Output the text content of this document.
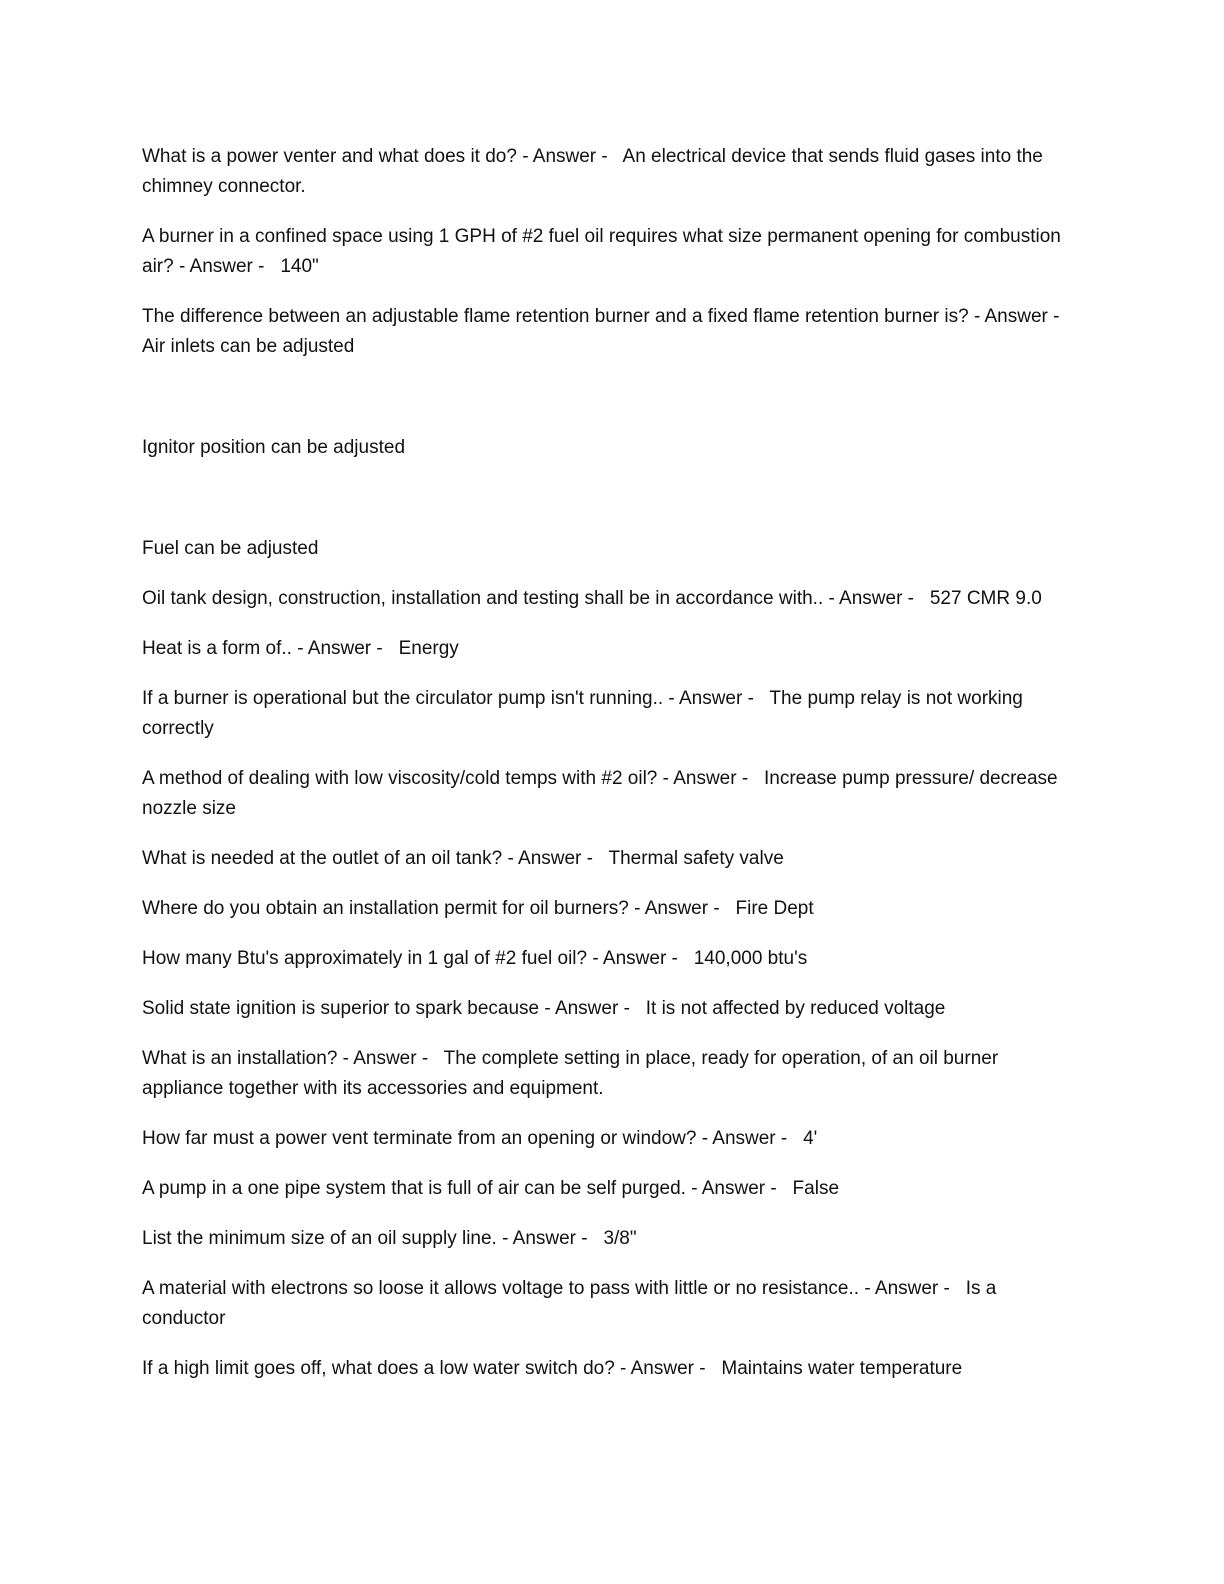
What is a power venter and what does it do? - Answer -   An electrical device that sends fluid gases into the chimney connector.

A burner in a confined space using 1 GPH of #2 fuel oil requires what size permanent opening for combustion air? - Answer -   140"

The difference between an adjustable flame retention burner and a fixed flame retention burner is? - Answer -   Air inlets can be adjusted

Ignitor position can be adjusted

Fuel can be adjusted

Oil tank design, construction, installation and testing shall be in accordance with.. - Answer -   527 CMR 9.0

Heat is a form of.. - Answer -   Energy

If a burner is operational but the circulator pump isn't running.. - Answer -   The pump relay is not working correctly

A method of dealing with low viscosity/cold temps with #2 oil? - Answer -   Increase pump pressure/ decrease nozzle size

What is needed at the outlet of an oil tank? - Answer -   Thermal safety valve

Where do you obtain an installation permit for oil burners? - Answer -   Fire Dept

How many Btu's approximately in 1 gal of #2 fuel oil? - Answer -   140,000 btu's

Solid state ignition is superior to spark because - Answer -   It is not affected by reduced voltage

What is an installation? - Answer -   The complete setting in place, ready for operation, of an oil burner appliance together with its accessories and equipment.

How far must a power vent terminate from an opening or window? - Answer -   4'

A pump in a one pipe system that is full of air can be self purged. - Answer -   False

List the minimum size of an oil supply line. - Answer -   3/8"

A material with electrons so loose it allows voltage to pass with little or no resistance.. - Answer -   Is a conductor

If a high limit goes off, what does a low water switch do? - Answer -   Maintains water temperature
